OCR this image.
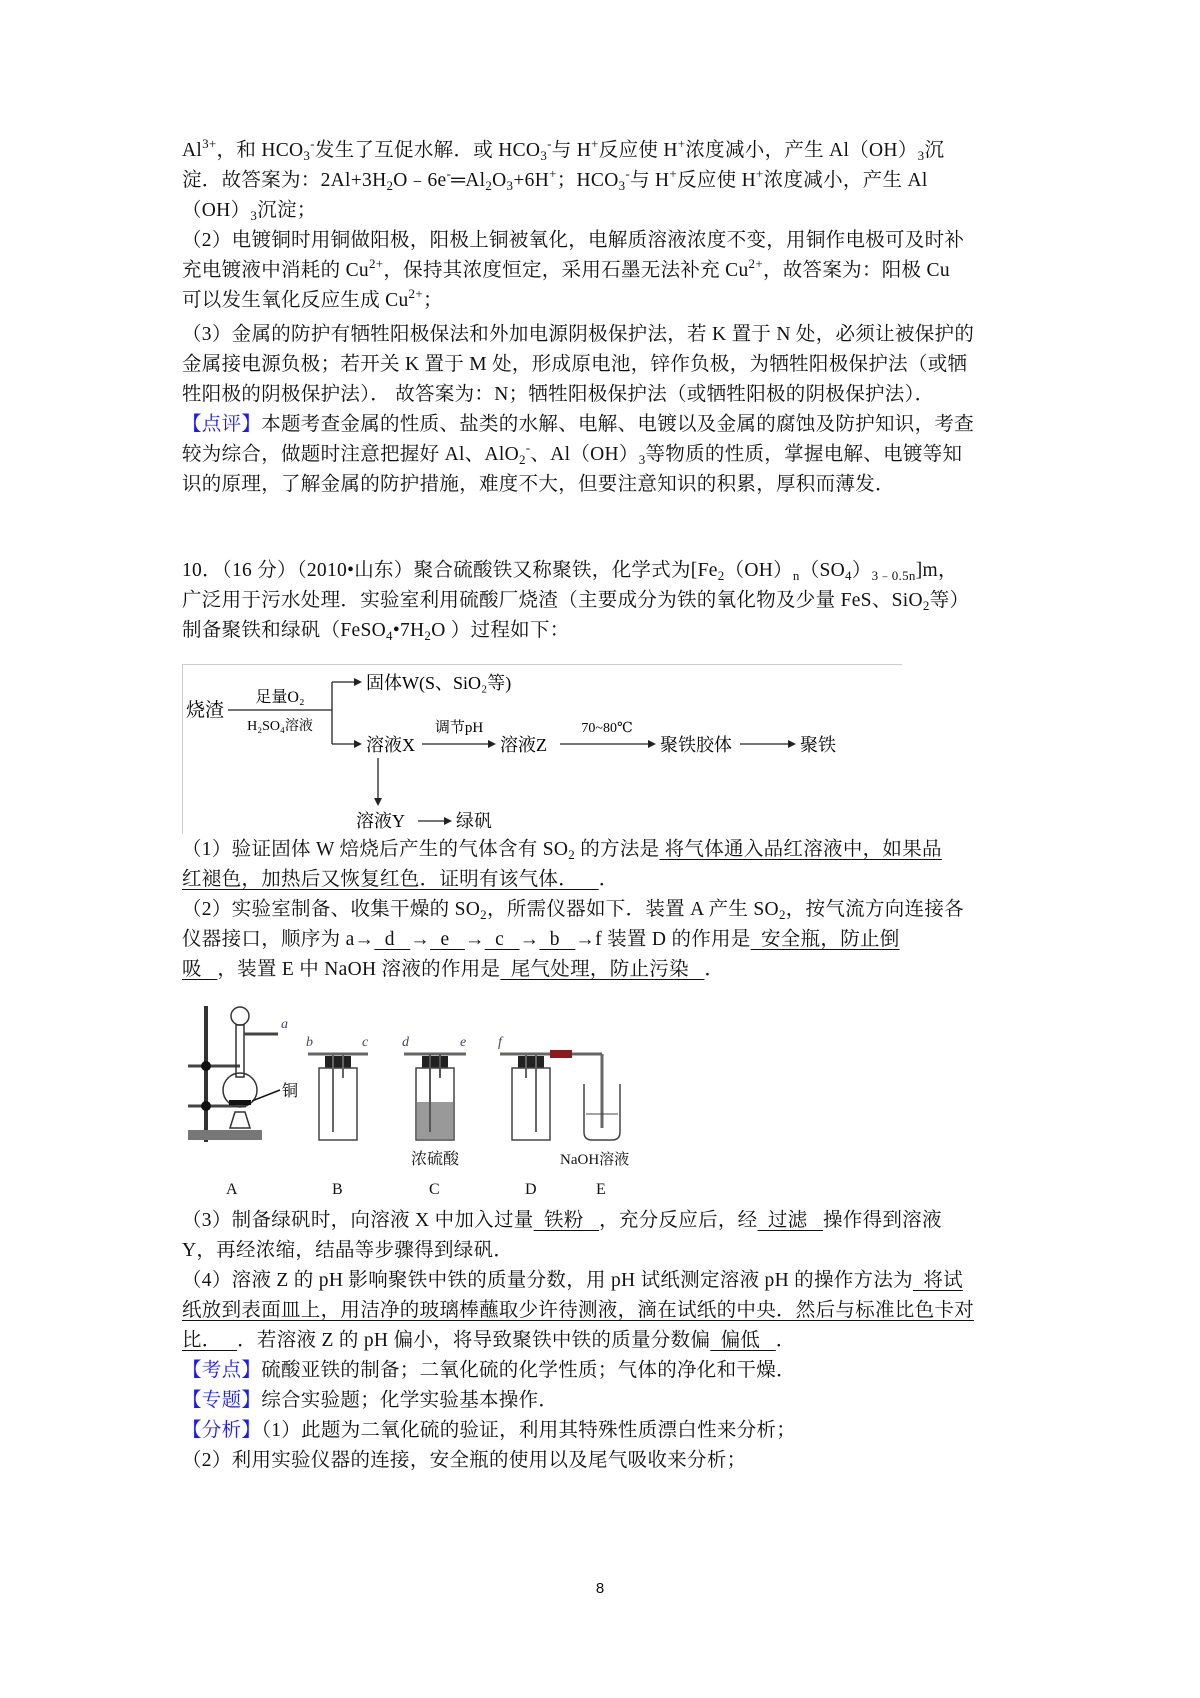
$Al^{3+}$，和 $HCO_3^-$发生了互促水解．或 $HCO_3^-$与 H+反应使 H+浓度减小，产生 $Al(OH)_3$沉
淀．故答案为：$2Al+3H_2O﹣6e^-═Al_2O_3+6H^+$；$HCO_3^-$与 H+反应使 H+浓度减小，产生 Al
$(OH)_3$沉淀；
（2）电镀铜时用铜做阳极，阳极上铜被氧化，电解质溶液浓度不变，用铜作电极可及时补
充电镀液中消耗的 $Cu^{2+}$，保持其浓度恒定，采用石墨无法补充 $Cu^{2+}$，故答案为：阳极 Cu
可以发生氧化反应生成 $Cu^{2+}$；
（3）金属的防护有牺牲阳极保法和外加电源阴极保护法，若 K 置于 N 处，必须让被保护的
金属接电源负极；若开关 K 置于 M 处，形成原电池，锌作负极，为牺牲阳极保护法（或牺
牲阳极的阴极保护法）． 故答案为：N；牺牲阳极保护法（或牺牲阳极的阴极保护法）．
【点评】本题考查金属的性质、盐类的水解、电解、电镀以及金属的腐蚀及防护知识，考查
较为综合，做题时注意把握好 Al、AlO$_2$-、$Al(OH)_3$等物质的性质，掌握电解、电镀等知
识的原理，了解金属的防护措施，难度不大，但要注意知识的积累，厚积而薄发．
10．（16 分）（2010•山东）聚合硫酸铁又称聚铁，化学式为$[Fe_2(OH)_n(SO_4)_{3﹣0.5n}]m$，
广泛用于污水处理．实验室利用硫酸厂烧渣（主要成分为铁的氧化物及少量 FeS、SiO$_2$等）
制备聚铁和绿矾（$FeSO_4•7H_2O$ ）过程如下：
烧渣
足量O₂
H₂SO₄溶液
固体W(S、SiO₂等)
溶液X
调节pH
溶液Z
70~80℃
聚铁胶体	聚铁
溶液Y	绿矾
（1）验证固体 W 焙烧后产生的气体含有 $SO_2$ 的方法是 将气体通入品红溶液中，如果品
红褪色，加热后又恢复红色．证明有该气体．    ．
（2）实验室制备、收集干燥的 $SO_2$，所需仪器如下．装置 A 产生 $SO_2$，按气流方向连接各
仪器接口，顺序为 a→  d   →  e   →  c   →  b   →f 装置 D 的作用是  安全瓶，防止倒
吸   ，装置 E 中 NaOH 溶液的作用是  尾气处理，防止污染   ．
铜
a
b	c d	e f
浓硫酸	NaOH溶液
A	B	C	D	E
（3）制备绿矾时，向溶液 X 中加入过量  铁粉   ，充分反应后，经  过滤   操作得到溶液
Y，再经浓缩，结晶等步骤得到绿矾．
（4）溶液 Z 的 pH 影响聚铁中铁的质量分数，用 pH 试纸测定溶液 pH 的操作方法为  将试
纸放到表面皿上，用洁净的玻璃棒蘸取少许待测液，滴在试纸的中央．然后与标准比色卡对
比．   ．若溶液 Z 的 pH 偏小，将导致聚铁中铁的质量分数偏  偏低   ．
【考点】硫酸亚铁的制备；二氧化硫的化学性质；气体的净化和干燥．
【专题】综合实验题；化学实验基本操作．
【分析】（1）此题为二氧化硫的验证，利用其特殊性质漂白性来分析；
（2）利用实验仪器的连接，安全瓶的使用以及尾气吸收来分析；
8
